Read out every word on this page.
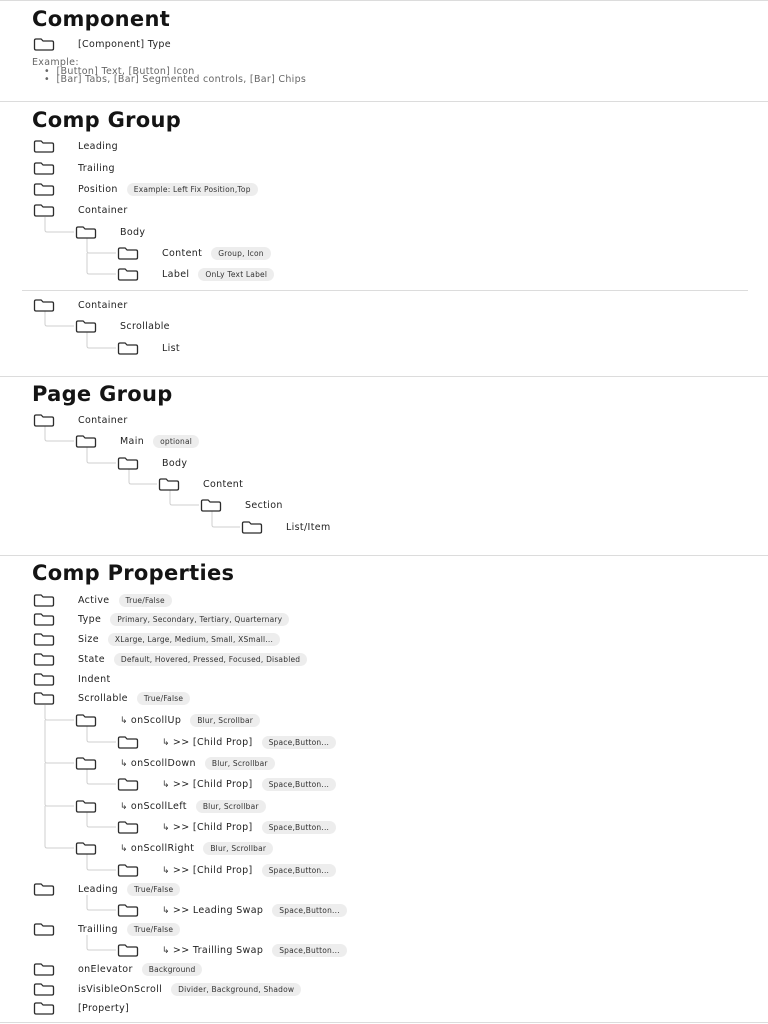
Component
[Component] Type
Example:
• [Button] Text, [Button] Icon
• [Bar] Tabs, [Bar] Segmented controls, [Bar] Chips
Comp Group
Leading
Trailing
Position	Example: Left Fix Position,Top
Container
Body
Content	Group, Icon
Label	OnLy Text Label
Container
Scrollable
List
Page Group
Container
Main	optional
Body
Content
Section
List/Item
Comp Properties
Active	True/False
Type	Primary, Secondary, Tertiary, Quarternary
Size	XLarge, Large, Medium, Small, XSmall...
State	Default, Hovered, Pressed, Focused, Disabled
Indent
Scrollable	True/False
↳ onScollUp	Blur, Scrollbar
↳ >> [Child Prop]	Space,Button...
↳ onScollDown	Blur, Scrollbar
↳ >> [Child Prop]	Space,Button...
↳ onScollLeft	Blur, Scrollbar
↳ >> [Child Prop]	Space,Button...
↳ onScollRight	Blur, Scrollbar
↳ >> [Child Prop]	Space,Button...
Leading	True/False
↳ >> Leading Swap	Space,Button...
Trailling	True/False
↳ >> Trailling Swap	Space,Button...
onElevator	Background
isVisibleOnScroll	Divider, Background, Shadow
[Property]
